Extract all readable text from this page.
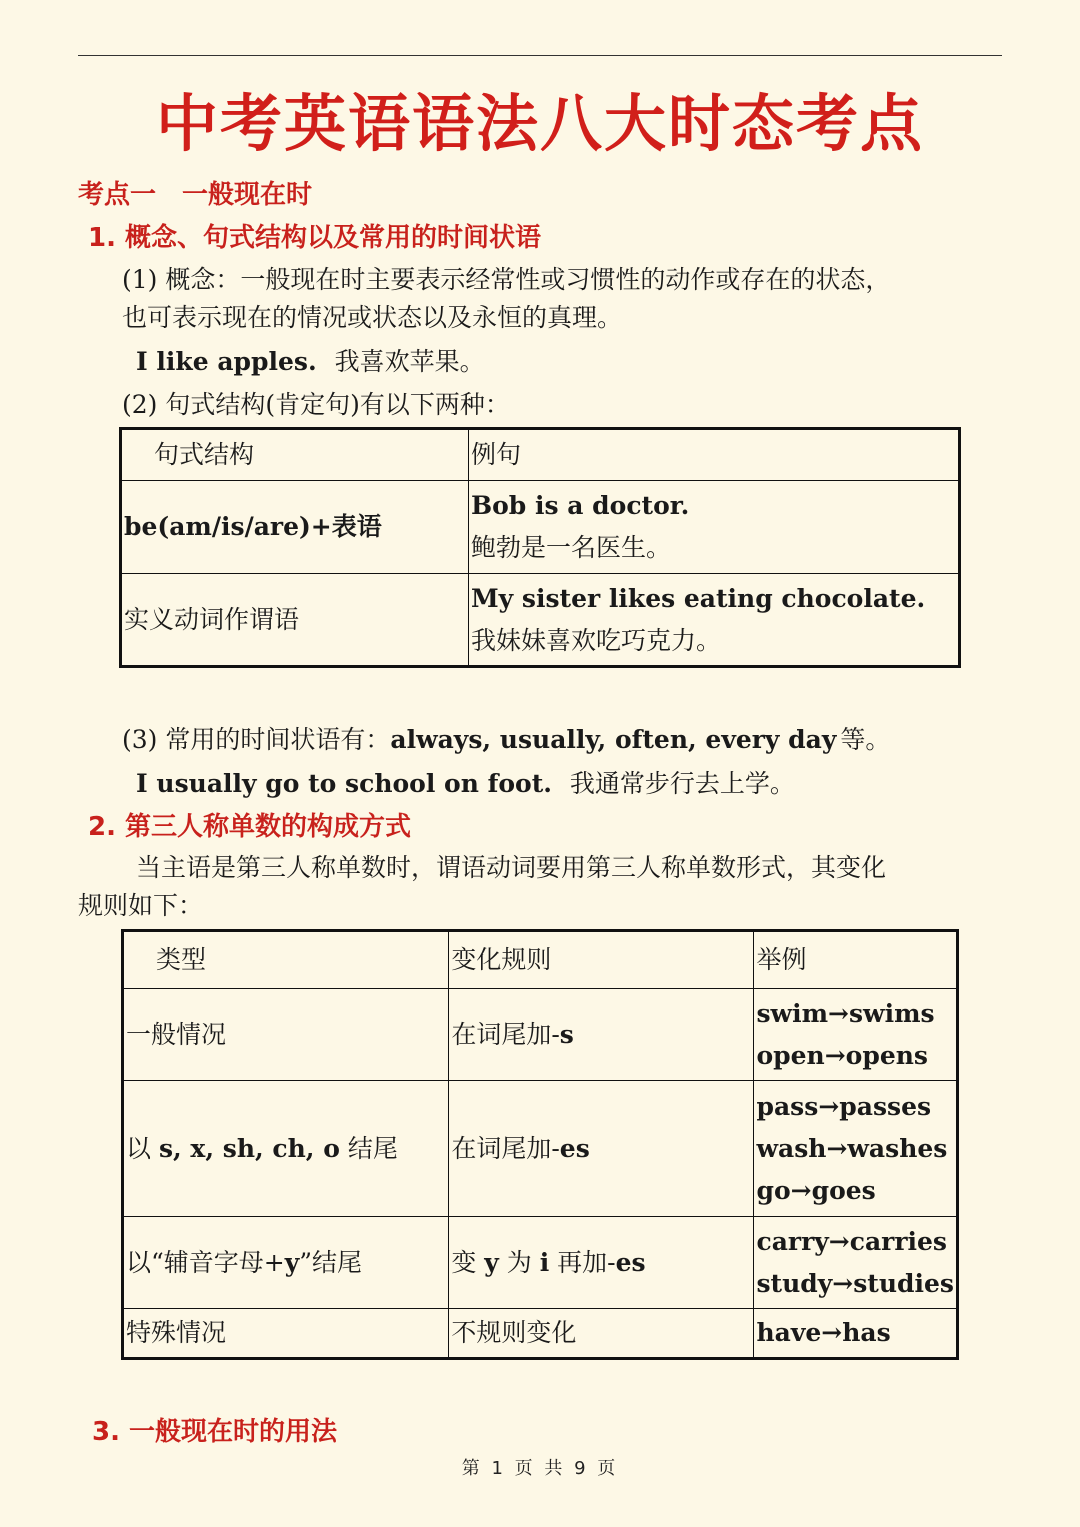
中考英语语法八大时态考点
考点一　一般现在时
1. 概念、句式结构以及常用的时间状语
(1) 概念：一般现在时主要表示经常性或习惯性的动作或存在的状态，
也可表示现在的情况或状态以及永恒的真理。
I like apples. 我喜欢苹果。
(2) 句式结构(肯定句)有以下两种：
句式结构	例句
be(am/is/are)+表语	Bob is a doctor.
鲍勃是一名医生。

实义动词作谓语	My sister likes eating chocolate.
我妹妹喜欢吃巧克力。
(3) 常用的时间状语有：always, usually, often, every day 等。
I usually go to school on foot. 我通常步行去上学。
2. 第三人称单数的构成方式
当主语是第三人称单数时，谓语动词要用第三人称单数形式，其变化
规则如下：
类型	变化规则	举例
一般情况	在词尾加-s	swim→swims
open→opens

以 s, x, sh, ch, o 结尾	在词尾加-es	pass→passes
wash→washes
go→goes

以“辅音字母+y”结尾	变 y 为 i 再加-es	carry→carries
study→studies

特殊情况	不规则变化	have→has
3. 一般现在时的用法
第 1 页 共 9 页
